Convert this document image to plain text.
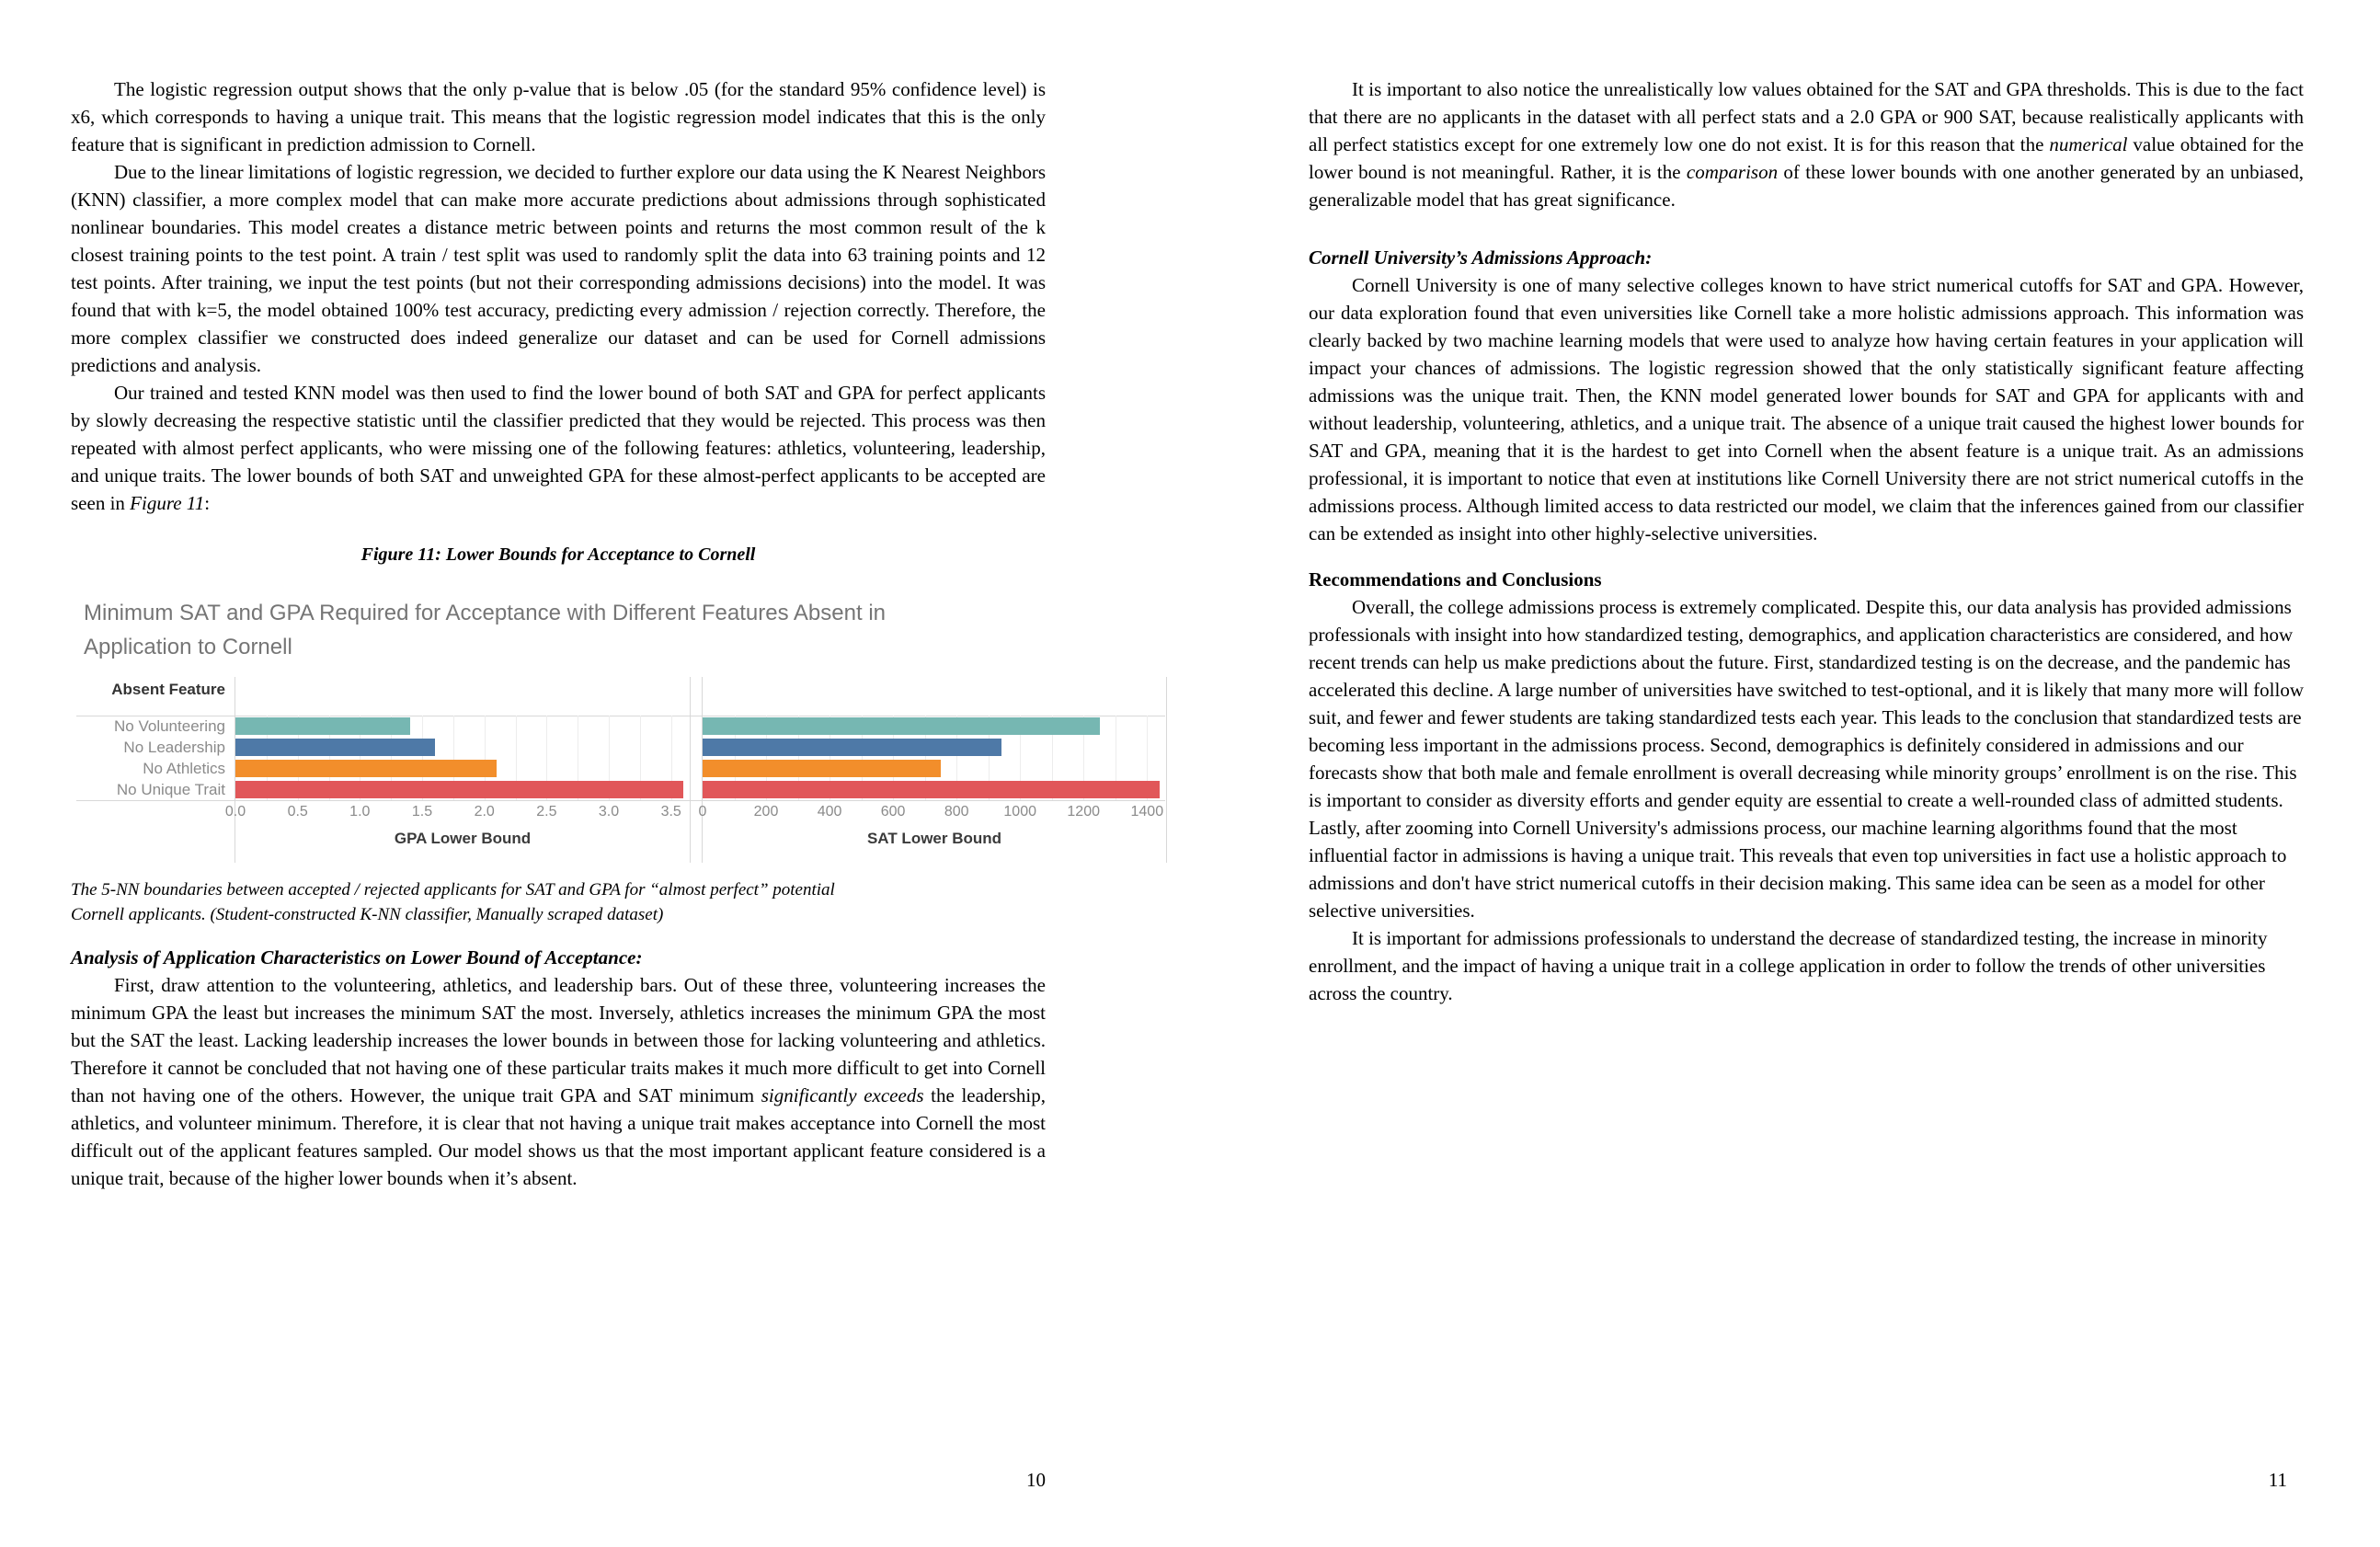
The logistic regression output shows that the only p-value that is below .05 (for the standard 95% confidence level) is x6, which corresponds to having a unique trait. This means that the logistic regression model indicates that this is the only feature that is significant in prediction admission to Cornell.

Due to the linear limitations of logistic regression, we decided to further explore our data using the K Nearest Neighbors (KNN) classifier, a more complex model that can make more accurate predictions about admissions through sophisticated nonlinear boundaries. This model creates a distance metric between points and returns the most common result of the k closest training points to the test point. A train / test split was used to randomly split the data into 63 training points and 12 test points. After training, we input the test points (but not their corresponding admissions decisions) into the model. It was found that with k=5, the model obtained 100% test accuracy, predicting every admission / rejection correctly. Therefore, the more complex classifier we constructed does indeed generalize our dataset and can be used for Cornell admissions predictions and analysis.

Our trained and tested KNN model was then used to find the lower bound of both SAT and GPA for perfect applicants by slowly decreasing the respective statistic until the classifier predicted that they would be rejected. This process was then repeated with almost perfect applicants, who were missing one of the following features: athletics, volunteering, leadership, and unique traits. The lower bounds of both SAT and unweighted GPA for these almost-perfect applicants to be accepted are seen in Figure 11:

Figure 11: Lower Bounds for Acceptance to Cornell
Minimum SAT and GPA Required for Acceptance with Different Features Absent in
Application to Cornell
Absent Feature
No Volunteering
No Leadership
No Athletics
No Unique Trait
0.0	0.5	1.0	1.5	2.0	2.5	3.0	3.5
GPA Lower Bound
0	200	400	600	800	1000	1200	1400
SAT Lower Bound
The 5-NN boundaries between accepted / rejected applicants for SAT and GPA for “almost perfect” potential
Cornell applicants. (Student-constructed K-NN classifier, Manually scraped dataset)
Analysis of Application Characteristics on Lower Bound of Acceptance:

First, draw attention to the volunteering, athletics, and leadership bars. Out of these three, volunteering increases the minimum GPA the least but increases the minimum SAT the most. Inversely, athletics increases the minimum GPA the most but the SAT the least. Lacking leadership increases the lower bounds in between those for lacking volunteering and athletics. Therefore it cannot be concluded that not having one of these particular traits makes it much more difficult to get into Cornell than not having one of the others. However, the unique trait GPA and SAT minimum significantly exceeds the leadership, athletics, and volunteer minimum. Therefore, it is clear that not having a unique trait makes acceptance into Cornell the most difficult out of the applicant features sampled. Our model shows us that the most important applicant feature considered is a unique trait, because of the higher lower bounds when it’s absent.

It is important to also notice the unrealistically low values obtained for the SAT and GPA thresholds. This is due to the fact that there are no applicants in the dataset with all perfect stats and a 2.0 GPA or 900 SAT, because realistically applicants with all perfect statistics except for one extremely low one do not exist. It is for this reason that the numerical value obtained for the lower bound is not meaningful. Rather, it is the comparison of these lower bounds with one another generated by an unbiased, generalizable model that has great significance.

Cornell University’s Admissions Approach:

Cornell University is one of many selective colleges known to have strict numerical cutoffs for SAT and GPA. However, our data exploration found that even universities like Cornell take a more holistic admissions approach. This information was clearly backed by two machine learning models that were used to analyze how having certain features in your application will impact your chances of admissions. The logistic regression showed that the only statistically significant feature affecting admissions was the unique trait. Then, the KNN model generated lower bounds for SAT and GPA for applicants with and without leadership, volunteering, athletics, and a unique trait. The absence of a unique trait caused the highest lower bounds for SAT and GPA, meaning that it is the hardest to get into Cornell when the absent feature is a unique trait. As an admissions professional, it is important to notice that even at institutions like Cornell University there are not strict numerical cutoffs in the admissions process. Although limited access to data restricted our model, we claim that the inferences gained from our classifier can be extended as insight into other highly-selective universities.

Recommendations and Conclusions

Overall, the college admissions process is extremely complicated. Despite this, our data analysis has provided admissions professionals with insight into how standardized testing, demographics, and application characteristics are considered, and how recent trends can help us make predictions about the future. First, standardized testing is on the decrease, and the pandemic has accelerated this decline. A large number of universities have switched to test-optional, and it is likely that many more will follow suit, and fewer and fewer students are taking standardized tests each year. This leads to the conclusion that standardized tests are becoming less important in the admissions process. Second, demographics is definitely considered in admissions and our forecasts show that both male and female enrollment is overall decreasing while minority groups’ enrollment is on the rise. This is important to consider as diversity efforts and gender equity are essential to create a well-rounded class of admitted students. Lastly, after zooming into Cornell University's admissions process, our machine learning algorithms found that the most influential factor in admissions is having a unique trait. This reveals that even top universities in fact use a holistic approach to admissions and don't have strict numerical cutoffs in their decision making. This same idea can be seen as a model for other selective universities.

It is important for admissions professionals to understand the decrease of standardized testing, the increase in minority enrollment, and the impact of having a unique trait in a college application in order to follow the trends of other universities across the country.

10	11
